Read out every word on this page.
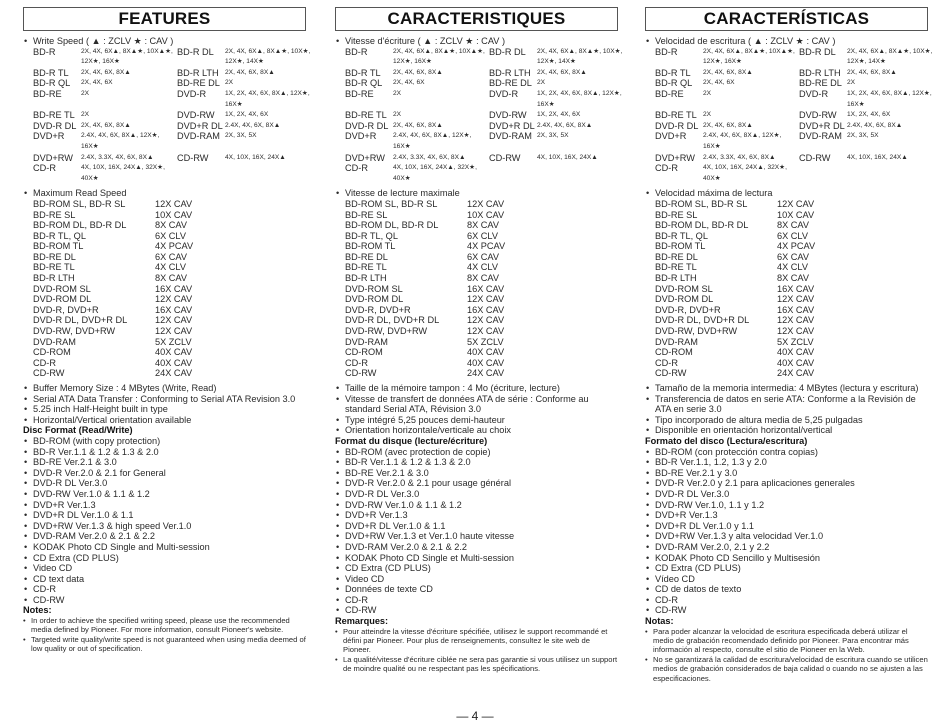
FEATURES
• Write Speed ( ▲ : ZCLV ★ : CAV )
BD-R	2X, 4X, 6X▲, 8X▲★, 10X▲★, 12X★, 16X★
BD-R DL	2X, 4X, 6X▲, 8X▲★, 10X★, 12X★, 14X★
BD-R TL	2X, 4X, 6X, 8X▲	BD-R LTH 2X, 4X, 6X, 8X▲
BD-R QL	2X, 4X, 6X	BD-RE DL 2X
BD-RE	2X	DVD-R	1X, 2X, 4X, 6X, 8X▲, 12X★, 16X★
BD-RE TL 2X	DVD-RW	1X, 2X, 4X, 6X
DVD-R DL 2X, 4X, 6X, 8X▲	DVD+R DL 2.4X, 4X, 6X, 8X▲
DVD+R	2.4X, 4X, 6X, 8X▲, 12X★, 16X★
DVD-RAM 2X, 3X, 5X
DVD+RW	2.4X, 3.3X, 4X, 6X, 8X▲	CD-RW	4X, 10X, 16X, 24X▲
CD-R	4X, 10X, 16X, 24X▲, 32X★, 40X★
• Maximum Read Speed
BD-ROM SL, BD-R SL	12X CAV
BD-RE SL	10X CAV
BD-ROM DL, BD-R DL	8X CAV
BD-R TL, QL	6X CLV
BD-ROM TL	4X PCAV
BD-RE DL	6X CAV
BD-RE TL	4X CLV
BD-R LTH	8X CAV
DVD-ROM SL	16X CAV
DVD-ROM DL	12X CAV
DVD-R, DVD+R	16X CAV
DVD-R DL, DVD+R DL	12X CAV
DVD-RW, DVD+RW	12X CAV
DVD-RAM	5X ZCLV
CD-ROM	40X CAV
CD-R	40X CAV
CD-RW	24X CAV
• Buffer Memory Size : 4 MBytes (Write, Read)
• Serial ATA Data Transfer : Conforming to Serial ATA Revision 3.0
• 5.25 inch Half-Height built in type
• Horizontal/Vertical orientation available
Disc Format (Read/Write)
• BD-ROM (with copy protection)
• BD-R Ver.1.1 & 1.2 & 1.3 & 2.0
• BD-RE Ver.2.1 & 3.0
• DVD-R Ver.2.0 & 2.1 for General
• DVD-R DL Ver.3.0
• DVD-RW Ver.1.0 & 1.1 & 1.2
• DVD+R Ver.1.3
• DVD+R DL Ver.1.0 & 1.1
• DVD+RW Ver.1.3 & high speed Ver.1.0
• DVD-RAM Ver.2.0 & 2.1 & 2.2
• KODAK Photo CD Single and Multi-session
• CD Extra (CD PLUS)
• Video CD
• CD text data
• CD-R
• CD-RW
Notes:
• In order to achieve the specified writing speed, please use the recommended media defined by Pioneer. For more information, consult Pioneer's website.
• Targeted write quality/write speed is not guaranteed when using media deemed of low quality or out of specification.
CARACTERISTIQUES
• Vitesse d'écriture ( ▲ : ZCLV ★ : CAV )
BD-R	2X, 4X, 6X▲, 8X▲★, 10X▲★, 12X★, 16X★
BD-R DL	2X, 4X, 6X▲, 8X▲★, 10X★, 12X★, 14X★
BD-R TL	2X, 4X, 6X, 8X▲	BD-R LTH 2X, 4X, 6X, 8X▲
BD-R QL	2X, 4X, 6X	BD-RE DL 2X
BD-RE	2X	DVD-R	1X, 2X, 4X, 6X, 8X▲, 12X★, 16X★
BD-RE TL 2X	DVD-RW	1X, 2X, 4X, 6X
DVD-R DL 2X, 4X, 6X, 8X▲	DVD+R DL 2.4X, 4X, 6X, 8X▲
DVD+R	2.4X, 4X, 6X, 8X▲, 12X★, 16X★
DVD-RAM 2X, 3X, 5X
DVD+RW	2.4X, 3.3X, 4X, 6X, 8X▲	CD-RW	4X, 10X, 16X, 24X▲
CD-R	4X, 10X, 16X, 24X▲, 32X★, 40X★
• Vitesse de lecture maximale
BD-ROM SL, BD-R SL	12X CAV
BD-RE SL	10X CAV
BD-ROM DL, BD-R DL	8X CAV
BD-R TL, QL	6X CLV
BD-ROM TL	4X PCAV
BD-RE DL	6X CAV
BD-RE TL	4X CLV
BD-R LTH	8X CAV
DVD-ROM SL	16X CAV
DVD-ROM DL	12X CAV
DVD-R, DVD+R	16X CAV
DVD-R DL, DVD+R DL	12X CAV
DVD-RW, DVD+RW	12X CAV
DVD-RAM	5X ZCLV
CD-ROM	40X CAV
CD-R	40X CAV
CD-RW	24X CAV
• Taille de la mémoire tampon : 4 Mo (écriture, lecture)
• Vitesse de transfert de données ATA de série : Conforme au standard Serial ATA, Révision 3.0
• Type intégré 5,25 pouces demi-hauteur
• Orientation horizontale/verticale au choix
Format du disque (lecture/écriture)
• BD-ROM (avec protection de copie)
• BD-R Ver.1.1 & 1.2 & 1.3 & 2.0
• BD-RE Ver.2.1 & 3.0
• DVD-R Ver.2.0 & 2.1 pour usage général
• DVD-R DL Ver.3.0
• DVD-RW Ver.1.0 & 1.1 & 1.2
• DVD+R Ver.1.3
• DVD+R DL Ver.1.0 & 1.1
• DVD+RW Ver.1.3 et Ver.1.0 haute vitesse
• DVD-RAM Ver.2.0 & 2.1 & 2.2
• KODAK Photo CD Single et Multi-session
• CD Extra (CD PLUS)
• Video CD
• Données de texte CD
• CD-R
• CD-RW
Remarques:
• Pour atteindre la vitesse d'écriture spécifiée, utilisez le support recommandé et défini par Pioneer. Pour plus de renseignements, consultez le site web de Pioneer.
• La qualité/vitesse d'écriture ciblée ne sera pas garantie si vous utilisez un support de moindre qualité ou ne respectant pas les spécifications.
CARACTERÍSTICAS
• Velocidad de escritura ( ▲ : ZCLV ★ : CAV )
BD-R	2X, 4X, 6X▲, 8X▲★, 10X▲★, 12X★, 16X★
BD-R DL	2X, 4X, 6X▲, 8X▲★, 10X★, 12X★, 14X★
BD-R TL	2X, 4X, 6X, 8X▲	BD-R LTH 2X, 4X, 6X, 8X▲
BD-R QL	2X, 4X, 6X	BD-RE DL 2X
BD-RE	2X	DVD-R	1X, 2X, 4X, 6X, 8X▲, 12X★, 16X★
BD-RE TL 2X	DVD-RW	1X, 2X, 4X, 6X
DVD-R DL 2X, 4X, 6X, 8X▲	DVD+R DL 2.4X, 4X, 6X, 8X▲
DVD+R	2.4X, 4X, 6X, 8X▲, 12X★, 16X★
DVD-RAM 2X, 3X, 5X
DVD+RW	2.4X, 3.3X, 4X, 6X, 8X▲	CD-RW	4X, 10X, 16X, 24X▲
CD-R	4X, 10X, 16X, 24X▲, 32X★, 40X★
• Velocidad máxima de lectura
BD-ROM SL, BD-R SL	12X CAV
BD-RE SL	10X CAV
BD-ROM DL, BD-R DL	8X CAV
BD-R TL, QL	6X CLV
BD-ROM TL	4X PCAV
BD-RE DL	6X CAV
BD-RE TL	4X CLV
BD-R LTH	8X CAV
DVD-ROM SL	16X CAV
DVD-ROM DL	12X CAV
DVD-R, DVD+R	16X CAV
DVD-R DL, DVD+R DL	12X CAV
DVD-RW, DVD+RW	12X CAV
DVD-RAM	5X ZCLV
CD-ROM	40X CAV
CD-R	40X CAV
CD-RW	24X CAV
• Tamaño de la memoria intermedia: 4 MBytes (lectura y escritura)
• Transferencia de datos en serie ATA: Conforme a la Revisión de ATA en serie 3.0
• Tipo incorporado de altura media de 5,25 pulgadas
• Disponible en orientación horizontal/vertical
Formato del disco (Lectura/escritura)
• BD-ROM (con protección contra copias)
• BD-R Ver.1.1, 1.2, 1.3 y 2.0
• BD-RE Ver.2.1 y 3.0
• DVD-R Ver.2.0 y 2.1 para aplicaciones generales
• DVD-R DL Ver.3.0
• DVD-RW Ver.1.0, 1.1 y 1.2
• DVD+R Ver.1.3
• DVD+R DL Ver.1.0 y 1.1
• DVD+RW Ver.1.3 y alta velocidad Ver.1.0
• DVD-RAM Ver.2.0, 2.1 y 2.2
• KODAK Photo CD Sencillo y Multisesión
• CD Extra (CD PLUS)
• Vídeo CD
• CD de datos de texto
• CD-R
• CD-RW
Notas:
• Para poder alcanzar la velocidad de escritura especificada deberá utilizar el medio de grabación recomendado definido por Pioneer. Para encontrar más información al respecto, consulte el sitio de Pioneer en la Web.
• No se garantizará la calidad de escritura/velocidad de escritura cuando se utilicen medios de grabación considerados de baja calidad o cuando no se ajusten a las especificaciones.
— 4 —
